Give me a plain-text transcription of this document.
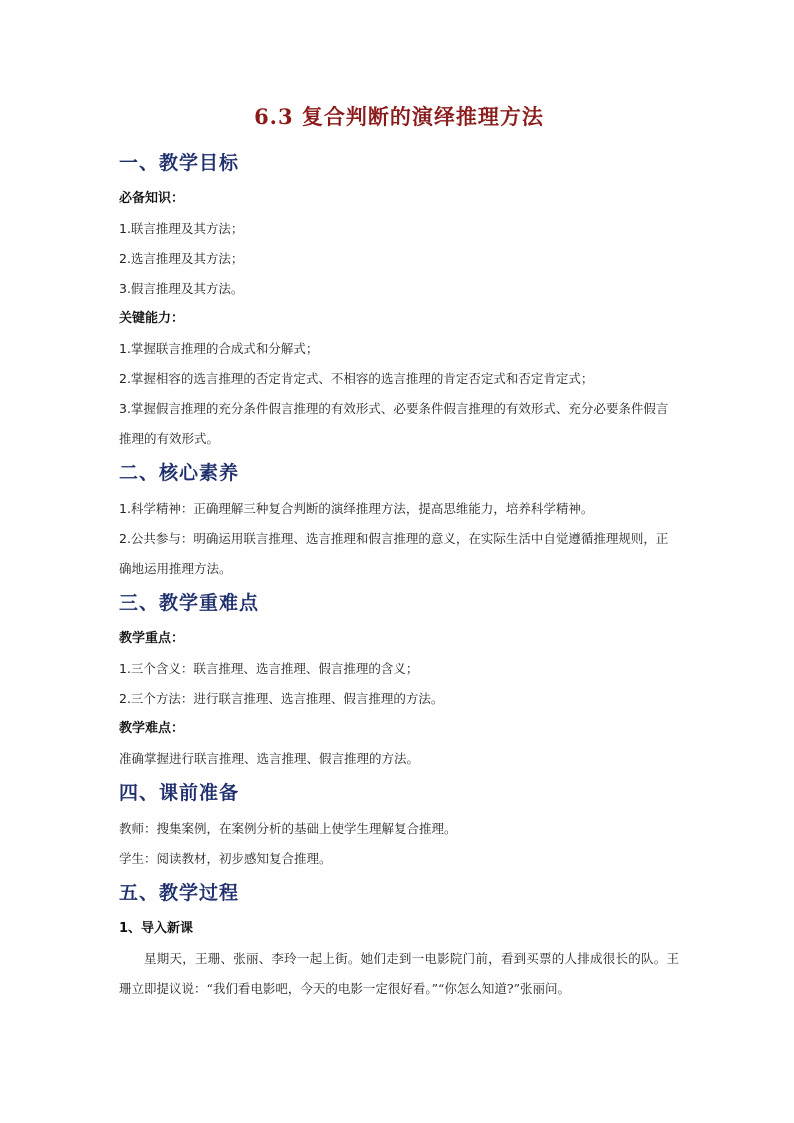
6.3 复合判断的演绎推理方法
一、教学目标

必备知识：

1.联言推理及其方法；

2.选言推理及其方法；

3.假言推理及其方法。

关键能力：

1.掌握联言推理的合成式和分解式；

2.掌握相容的选言推理的否定肯定式、不相容的选言推理的肯定否定式和否定肯定式；

3.掌握假言推理的充分条件假言推理的有效形式、必要条件假言推理的有效形式、充分必要条件假言推理的有效形式。

二、核心素养

1.科学精神：正确理解三种复合判断的演绎推理方法，提高思维能力，培养科学精神。

2.公共参与：明确运用联言推理、选言推理和假言推理的意义，在实际生活中自觉遵循推理规则，正确地运用推理方法。

三、教学重难点

教学重点：

1.三个含义：联言推理、选言推理、假言推理的含义；

2.三个方法：进行联言推理、选言推理、假言推理的方法。

教学难点：

准确掌握进行联言推理、选言推理、假言推理的方法。

四、课前准备

教师：搜集案例，在案例分析的基础上使学生理解复合推理。

学生：阅读教材，初步感知复合推理。

五、教学过程

1、导入新课

星期天，王珊、张丽、李玲一起上街。她们走到一电影院门前，看到买票的人排成很长的队。王珊立即提议说：“我们看电影吧，今天的电影一定很好看。”“你怎么知道?”张丽问。
